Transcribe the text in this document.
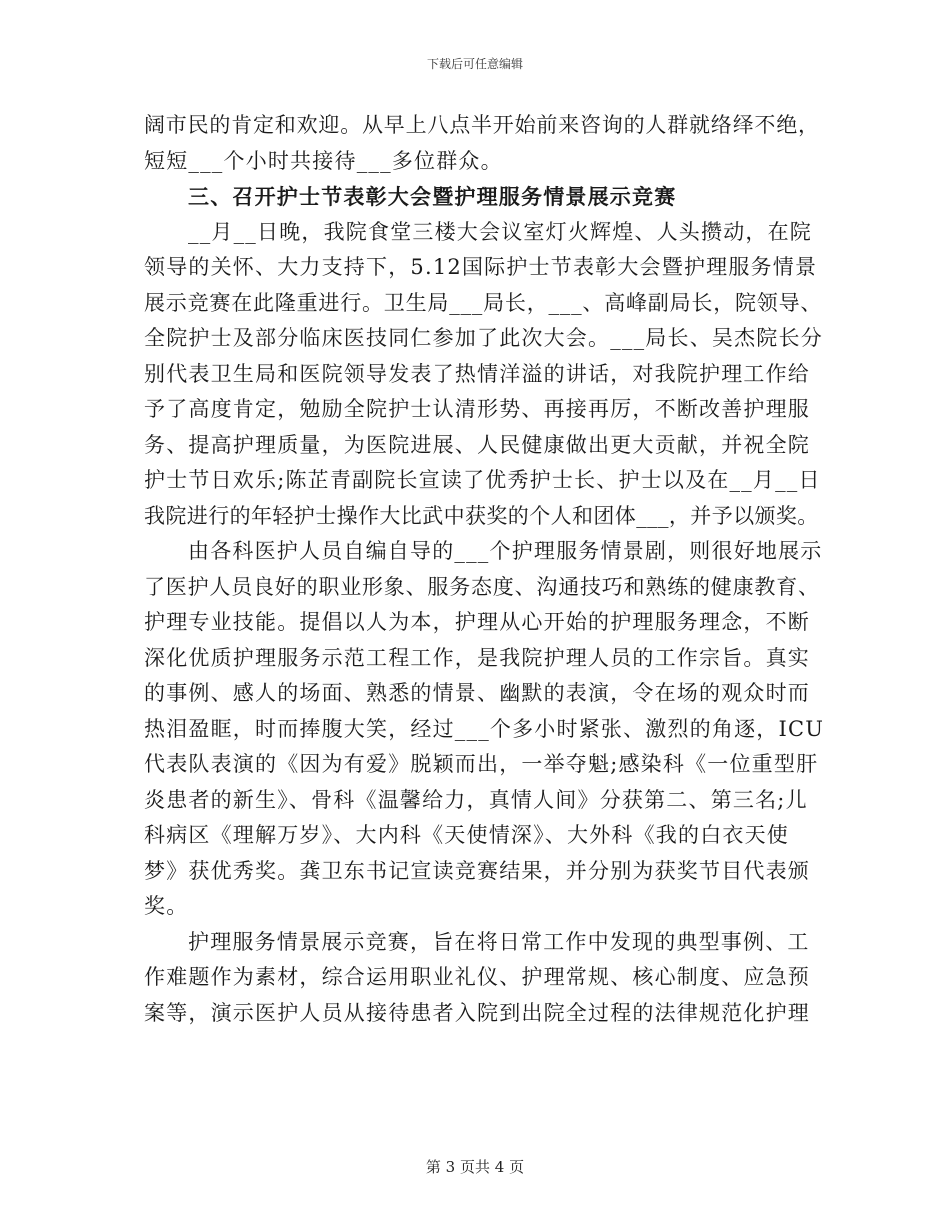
下载后可任意编辑
阔市民的肯定和欢迎。从早上八点半开始前来咨询的人群就络绎不绝，
短短___个小时共接待___多位群众。
三、召开护士节表彰大会暨护理服务情景展示竞赛
__月__日晚，我院食堂三楼大会议室灯火辉煌、人头攒动，在院
领导的关怀、大力支持下，5.12国际护士节表彰大会暨护理服务情景
展示竞赛在此隆重进行。卫生局___局长，___、高峰副局长，院领导、
全院护士及部分临床医技同仁参加了此次大会。___局长、吴杰院长分
别代表卫生局和医院领导发表了热情洋溢的讲话，对我院护理工作给
予了高度肯定，勉励全院护士认清形势、再接再厉，不断改善护理服
务、提高护理质量，为医院进展、人民健康做出更大贡献，并祝全院
护士节日欢乐;陈芷青副院长宣读了优秀护士长、护士以及在__月__日
我院进行的年轻护士操作大比武中获奖的个人和团体___，并予以颁奖。
由各科医护人员自编自导的___个护理服务情景剧，则很好地展示
了医护人员良好的职业形象、服务态度、沟通技巧和熟练的健康教育、
护理专业技能。提倡以人为本，护理从心开始的护理服务理念，不断
深化优质护理服务示范工程工作，是我院护理人员的工作宗旨。真实
的事例、感人的场面、熟悉的情景、幽默的表演，令在场的观众时而
热泪盈眶，时而捧腹大笑，经过___个多小时紧张、激烈的角逐，ICU
代表队表演的《因为有爱》脱颖而出，一举夺魁;感染科《一位重型肝
炎患者的新生》、骨科《温馨给力，真情人间》分获第二、第三名;儿
科病区《理解万岁》、大内科《天使情深》、大外科《我的白衣天使
梦》获优秀奖。龚卫东书记宣读竞赛结果，并分别为获奖节目代表颁
奖。
护理服务情景展示竞赛，旨在将日常工作中发现的典型事例、工
作难题作为素材，综合运用职业礼仪、护理常规、核心制度、应急预
案等，演示医护人员从接待患者入院到出院全过程的法律规范化护理
第 3 页共 4 页
